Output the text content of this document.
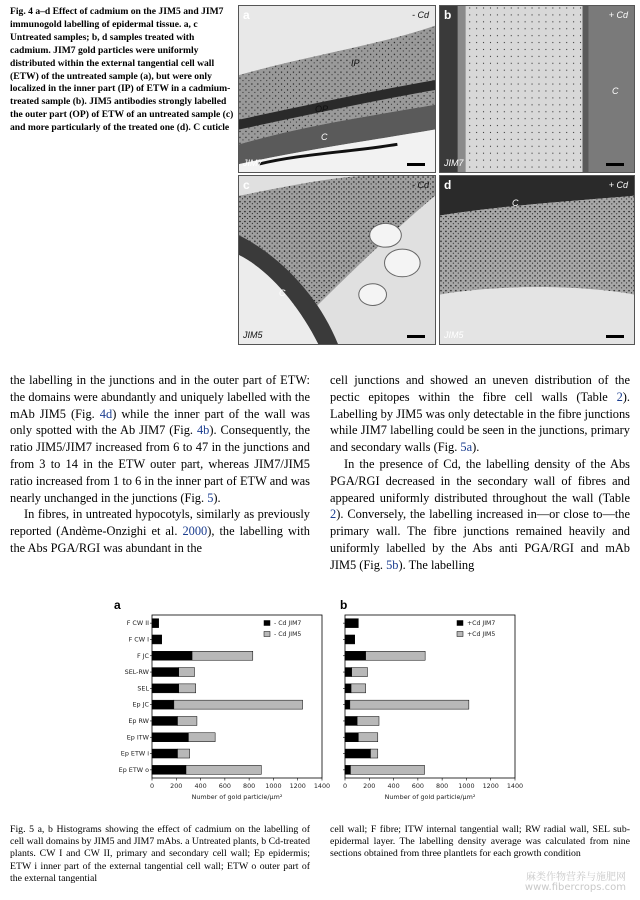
Fig. 4 a–d Effect of cadmium on the JIM5 and JIM7 immunogold labelling of epidermal tissue. a, c Untreated samples; b, d samples treated with cadmium. JIM7 gold particles were uniformly distributed within the external tangential cell wall (ETW) of the untreated sample (a), but were only localized in the inner part (IP) of ETW in a cadmium-treated sample (b). JIM5 antibodies strongly labelled the outer part (OP) of ETW of an untreated sample (c) and more particularly of the treated one (d). C cuticle

a	- Cd
IP
OP
C
JIM7
b	+ Cd
C
JIM7
c	- Cd
C
JIM5
d	+ Cd
C
JIM5

the labelling in the junctions and in the outer part of ETW: the domains were abundantly and uniquely labelled with the mAb JIM5 (Fig. 4d) while the inner part of the wall was only spotted with the Ab JIM7 (Fig. 4b). Consequently, the ratio JIM5/JIM7 increased from 6 to 47 in the junctions and from 3 to 14 in the ETW outer part, whereas JIM7/JIM5 ratio increased from 1 to 6 in the inner part of ETW and was nearly unchanged in the junctions (Fig. 5).

In fibres, in untreated hypocotyls, similarly as previously reported (Andème-Onzighi et al. 2000), the labelling with the Abs PGA/RGI was abundant in the

cell junctions and showed an uneven distribution of the pectic epitopes within the fibre cell walls (Table 2). Labelling by JIM5 was only detectable in the fibre junctions while JIM7 labelling could be seen in the junctions, primary and secondary walls (Fig. 5a).

In the presence of Cd, the labelling density of the Abs PGA/RGI decreased in the secondary wall of fibres and appeared uniformly distributed throughout the wall (Table 2). Conversely, the labelling increased in—or close to—the primary wall. The fibre junctions remained heavily and uniformly labelled by the Abs anti PGA/RGI and mAb JIM5 (Fig. 5b). The labelling

a
F CW II
F CW I
F JC
SEL-RW
SEL
Ep JC
Ep RW
Ep ITW
Ep ETW i
Ep ETW o
0	200 400 600 800 1000 1200 1400
Number of gold particle/µm²
- Cd JIM7
- Cd JIM5
b
0	200 400 600 800 1000 1200 1400
Number of gold particle/µm²
+Cd JIM7
+Cd JIM5

Fig. 5 a, b Histograms showing the effect of cadmium on the labelling of cell wall domains by JIM5 and JIM7 mAbs. a Untreated plants, b Cd-treated plants. CW I and CW II, primary and secondary cell wall; Ep epidermis; ETW i inner part of the external tangential cell wall; ETW o outer part of the external tangential

cell wall; F fibre; ITW internal tangential wall; RW radial wall, SEL sub-epidermal layer. The labelling density average was calculated from nine sections obtained from three plantlets for each growth condition

麻类作物营养与施肥网
www.fibercrops.com
